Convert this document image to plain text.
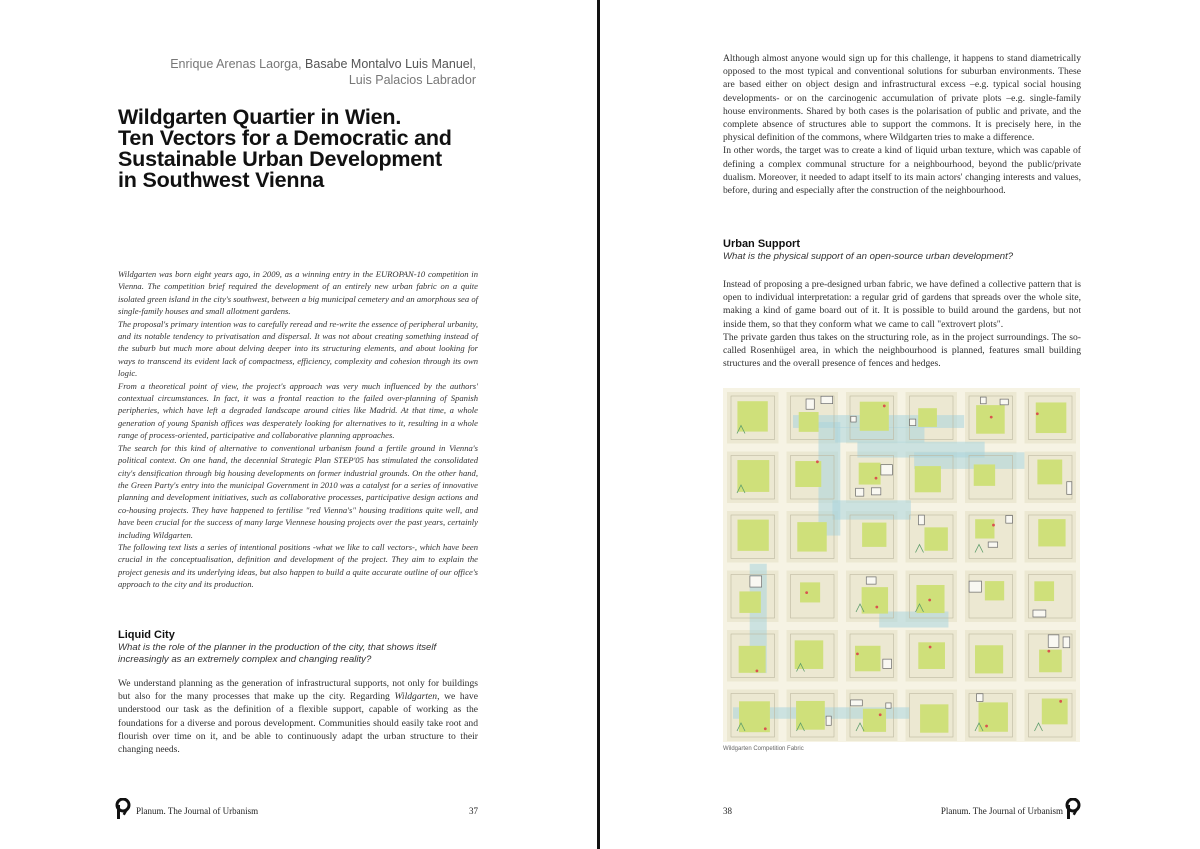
Enrique Arenas Laorga, Basabe Montalvo Luis Manuel,
Luis Palacios Labrador
Wildgarten Quartier in Wien.
Ten Vectors for a Democratic and
Sustainable Urban Development
in Southwest Vienna

Wildgarten was born eight years ago, in 2009, as a winning entry in the EUROPAN-10 competition in Vienna. The competition brief required the development of an entirely new urban fabric on a quite isolated green island in the city's southwest, between a big municipal cemetery and an amorphous sea of single-family houses and small allotment gardens.

The proposal's primary intention was to carefully reread and re-write the essence of peripheral urbanity, and its notable tendency to privatisation and dispersal. It was not about creating something instead of the suburb but much more about delving deeper into its structuring elements, and about looking for ways to transcend its evident lack of compactness, efficiency, complexity and cohesion through its own logic.

From a theoretical point of view, the project's approach was very much influenced by the authors' contextual circumstances. In fact, it was a frontal reaction to the failed over-planning of Spanish peripheries, which have left a degraded landscape around cities like Madrid. At that time, a whole generation of young Spanish offices was desperately looking for alternatives to it, resulting in a whole range of process-oriented, participative and collaborative planning approaches.

The search for this kind of alternative to conventional urbanism found a fertile ground in Vienna's political context. On one hand, the decennial Strategic Plan STEP'05 has stimulated the consolidated city's densification through big housing developments on former industrial grounds. On the other hand, the Green Party's entry into the municipal Government in 2010 was a catalyst for a series of innovative planning and development initiatives, such as collaborative processes, participative design actions and co-housing projects. They have happened to fertilise "red Vienna's" housing traditions quite well, and have been crucial for the success of many large Viennese housing projects over the past years, certainly including Wildgarten.

The following text lists a series of intentional positions -what we like to call vectors-, which have been crucial in the conceptualisation, definition and development of the project. They aim to explain the project genesis and its underlying ideas, but also happen to build a quite accurate outline of our office's approach to the city and its production.

Liquid City

What is the role of the planner in the production of the city, that shows itself increasingly as an extremely complex and changing reality?

We understand planning as the generation of infrastructural supports, not only for buildings but also for the many processes that make up the city. Regarding Wildgarten, we have understood our task as the definition of a flexible support, capable of working as the foundations for a diverse and porous development. Communities should easily take root and flourish over time on it, and be able to continuously adapt the urban structure to their changing needs.

Planum. The Journal of Urbanism	37

Although almost anyone would sign up for this challenge, it happens to stand diametrically opposed to the most typical and conventional solutions for suburban environments. These are based either on object design and infrastructural excess –e.g. typical social housing developments- or on the carcinogenic accumulation of private plots –e.g. single-family house environments. Shared by both cases is the polarisation of public and private, and the complete absence of structures able to support the commons. It is precisely here, in the physical definition of the commons, where Wildgarten tries to make a difference.

In other words, the target was to create a kind of liquid urban texture, which was capable of defining a complex communal structure for a neighbourhood, beyond the public/private dualism. Moreover, it needed to adapt itself to its main actors' changing interests and values, before, during and especially after the construction of the neighbourhood.

Urban Support

What is the physical support of an open-source urban development?

Instead of proposing a pre-designed urban fabric, we have defined a collective pattern that is open to individual interpretation: a regular grid of gardens that spreads over the whole site, making a kind of game board out of it. It is possible to build around the gardens, but not inside them, so that they conform what we came to call "extrovert plots".

The private garden thus takes on the structuring role, as in the project surroundings. The so-called Rosenhügel area, in which the neighbourhood is planned, features small building structures and the overall presence of fences and hedges.

Wildgarten Competition Fabric
38	Planum. The Journal of Urbanism
